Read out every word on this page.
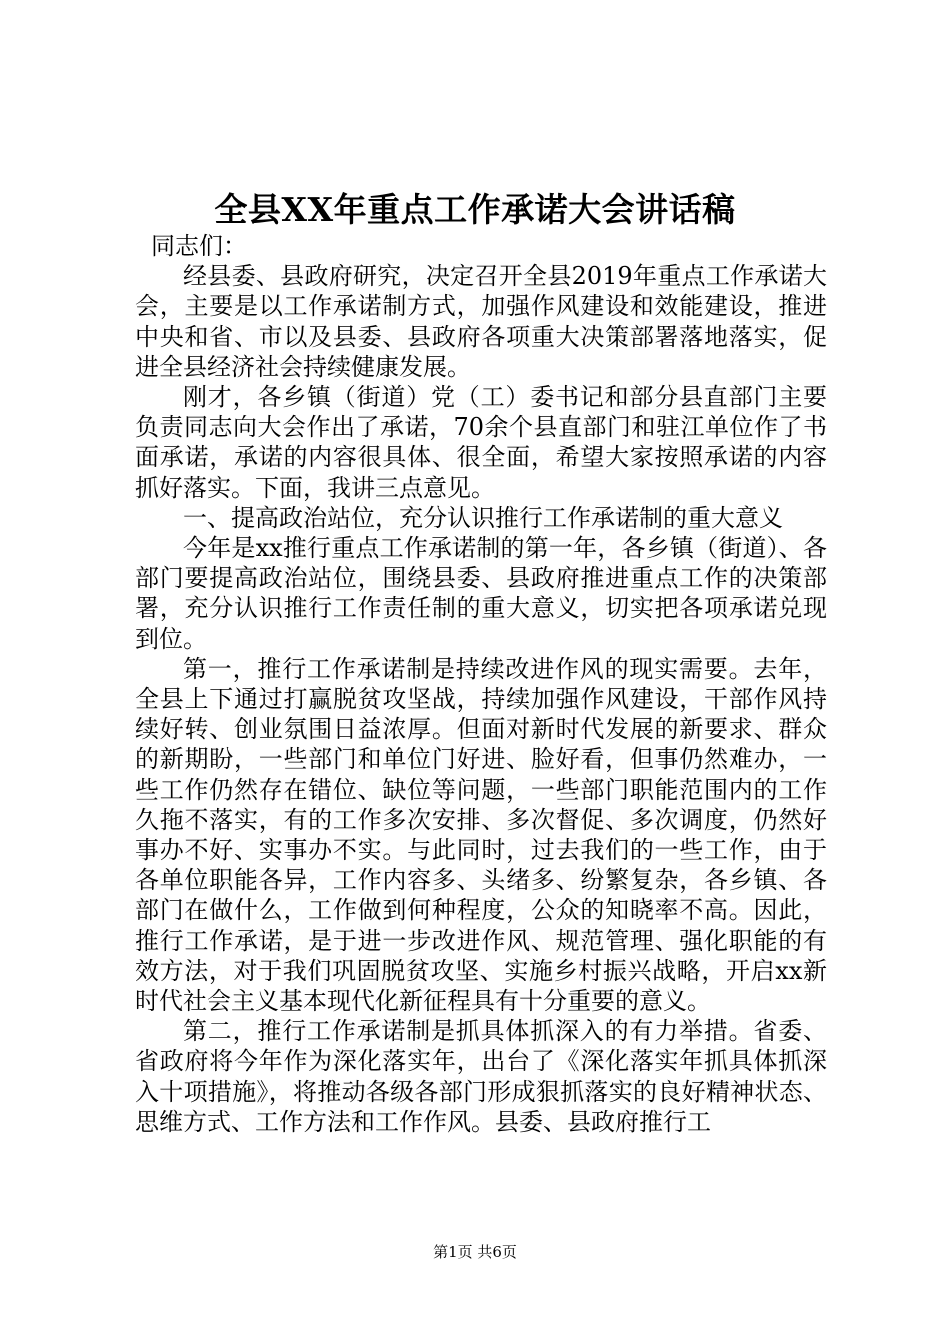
全县XX年重点工作承诺大会讲话稿

同志们：

经县委、县政府研究，决定召开全县2019年重点工作承诺大会，主要是以工作承诺制方式，加强作风建设和效能建设，推进中央和省、市以及县委、县政府各项重大决策部署落地落实，促进全县经济社会持续健康发展。

刚才，各乡镇（街道）党（工）委书记和部分县直部门主要负责同志向大会作出了承诺，70余个县直部门和驻江单位作了书面承诺，承诺的内容很具体、很全面，希望大家按照承诺的内容抓好落实。下面，我讲三点意见。

一、提高政治站位，充分认识推行工作承诺制的重大意义

今年是xx推行重点工作承诺制的第一年，各乡镇（街道）、各部门要提高政治站位，围绕县委、县政府推进重点工作的决策部署，充分认识推行工作责任制的重大意义，切实把各项承诺兑现到位。

第一，推行工作承诺制是持续改进作风的现实需要。去年，全县上下通过打赢脱贫攻坚战，持续加强作风建设，干部作风持续好转、创业氛围日益浓厚。但面对新时代发展的新要求、群众的新期盼，一些部门和单位门好进、脸好看，但事仍然难办，一些工作仍然存在错位、缺位等问题，一些部门职能范围内的工作久拖不落实，有的工作多次安排、多次督促、多次调度，仍然好事办不好、实事办不实。与此同时，过去我们的一些工作，由于各单位职能各异，工作内容多、头绪多、纷繁复杂，各乡镇、各部门在做什么，工作做到何种程度，公众的知晓率不高。因此，推行工作承诺，是于进一步改进作风、规范管理、强化职能的有效方法，对于我们巩固脱贫攻坚、实施乡村振兴战略，开启xx新时代社会主义基本现代化新征程具有十分重要的意义。

第二，推行工作承诺制是抓具体抓深入的有力举措。省委、省政府将今年作为深化落实年，出台了《深化落实年抓具体抓深入十项措施》，将推动各级各部门形成狠抓落实的良好精神状态、思维方式、工作方法和工作作风。县委、县政府推行工

第1页 共6页
